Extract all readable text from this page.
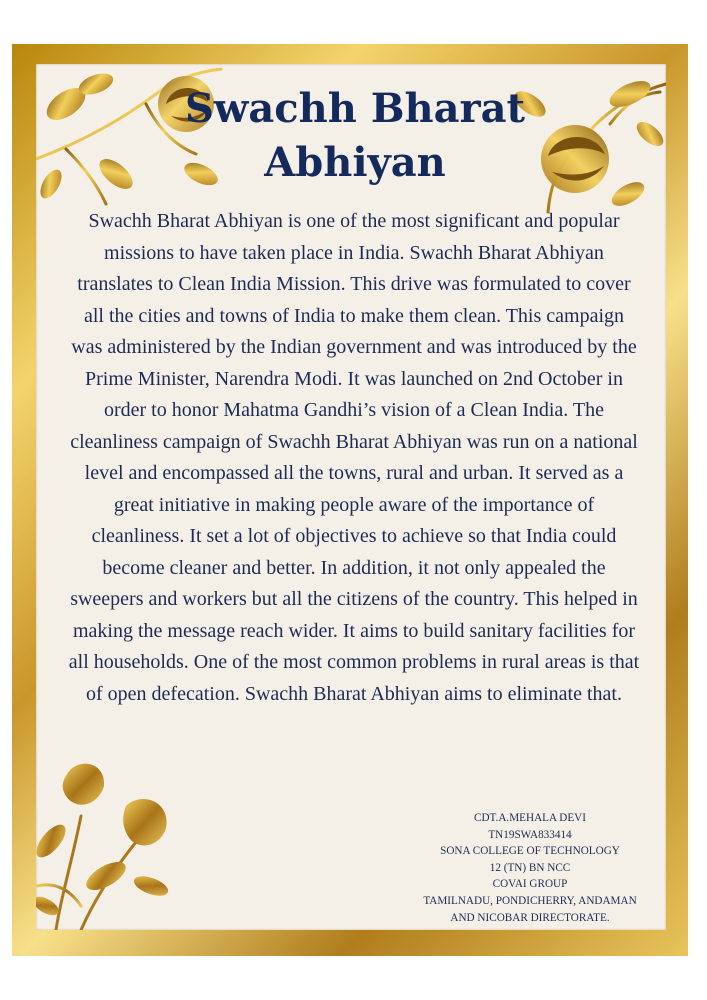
Swachh Bharat Abhiyan

Swachh Bharat Abhiyan is one of the most significant and popular missions to have taken place in India. Swachh Bharat Abhiyan translates to Clean India Mission. This drive was formulated to cover all the cities and towns of India to make them clean. This campaign was administered by the Indian government and was introduced by the Prime Minister, Narendra Modi. It was launched on 2nd October in order to honor Mahatma Gandhi’s vision of a Clean India. The cleanliness campaign of Swachh Bharat Abhiyan was run on a national level and encompassed all the towns, rural and urban. It served as a great initiative in making people aware of the importance of cleanliness. It set a lot of objectives to achieve so that India could become cleaner and better. In addition, it not only appealed the sweepers and workers but all the citizens of the country. This helped in making the message reach wider. It aims to build sanitary facilities for all households. One of the most common problems in rural areas is that of open defecation. Swachh Bharat Abhiyan aims to eliminate that.

CDT.A.MEHALA DEVI
TN19SWA833414
SONA COLLEGE OF TECHNOLOGY
12 (TN) BN NCC
COVAI GROUP
TAMILNADU, PONDICHERRY, ANDAMAN
AND NICOBAR DIRECTORATE.
